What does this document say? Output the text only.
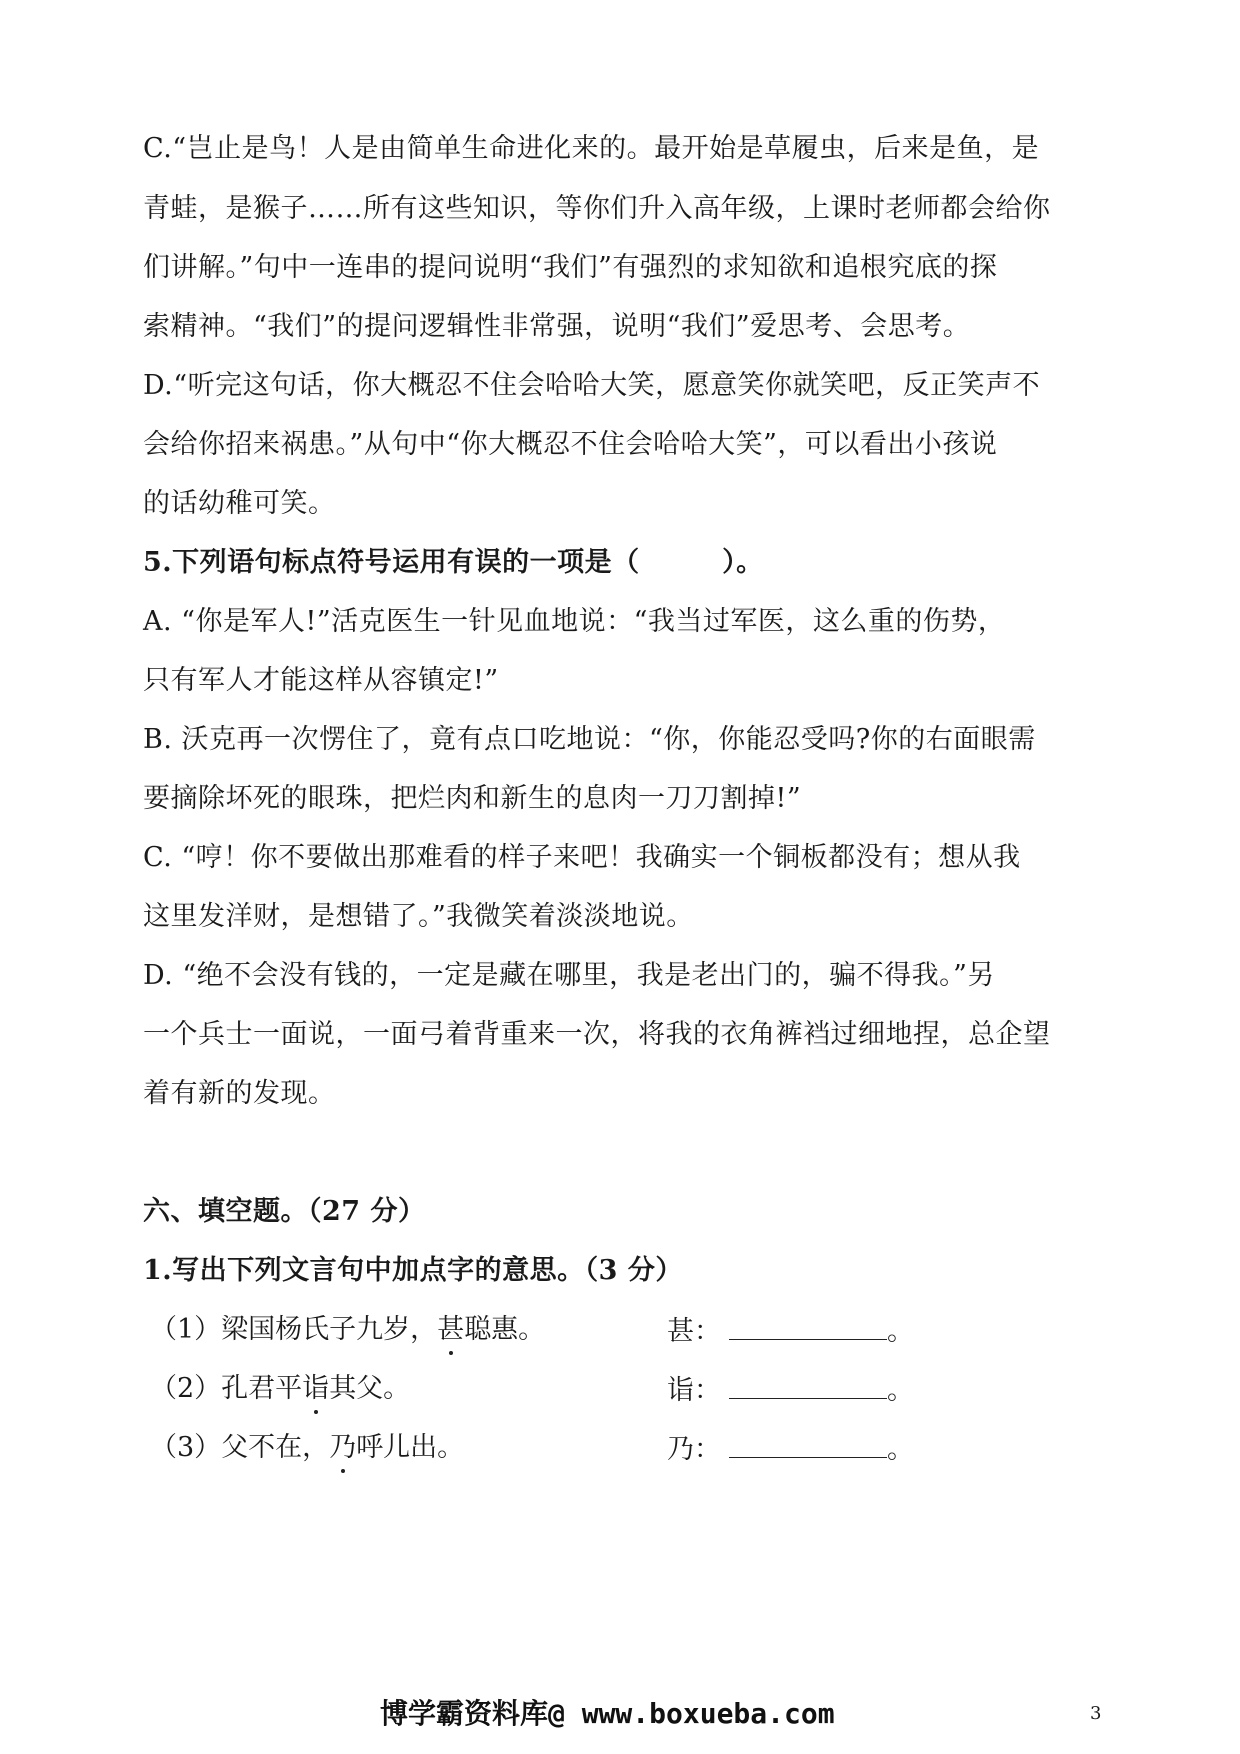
C.“岂止是鸟！人是由简单生命进化来的。最开始是草履虫，后来是鱼，是
青蛙，是猴子……所有这些知识，等你们升入高年级，上课时老师都会给你
们讲解。”句中一连串的提问说明“我们”有强烈的求知欲和追根究底的探
索精神。“我们”的提问逻辑性非常强，说明“我们”爱思考、会思考。
D.“听完这句话，你大概忍不住会哈哈大笑，愿意笑你就笑吧，反正笑声不
会给你招来祸患。”从句中“你大概忍不住会哈哈大笑”，可以看出小孩说
的话幼稚可笑。
5.下列语句标点符号运用有误的一项是（　　　）。
A. “你是军人!”活克医生一针见血地说：“我当过军医，这么重的伤势，
只有军人才能这样从容镇定!”
B. 沃克再一次愣住了，竟有点口吃地说：“你，你能忍受吗?你的右面眼需
要摘除坏死的眼珠，把烂肉和新生的息肉一刀刀割掉!”
C. “哼！你不要做出那难看的样子来吧！我确实一个铜板都没有；想从我
这里发洋财，是想错了。”我微笑着淡淡地说。
D. “绝不会没有钱的，一定是藏在哪里，我是老出门的，骗不得我。”另
一个兵士一面说，一面弓着背重来一次，将我的衣角裤裆过细地捏，总企望
着有新的发现。
六、填空题。（27 分）
1.写出下列文言句中加点字的意思。（3 分）
（1）梁国杨氏子九岁，甚聪惠。	甚：	。
（2）孔君平诣其父。	诣：	。
（3）父不在，乃呼儿出。	乃：	。
博学霸资料库@ www.boxueba.com	3
